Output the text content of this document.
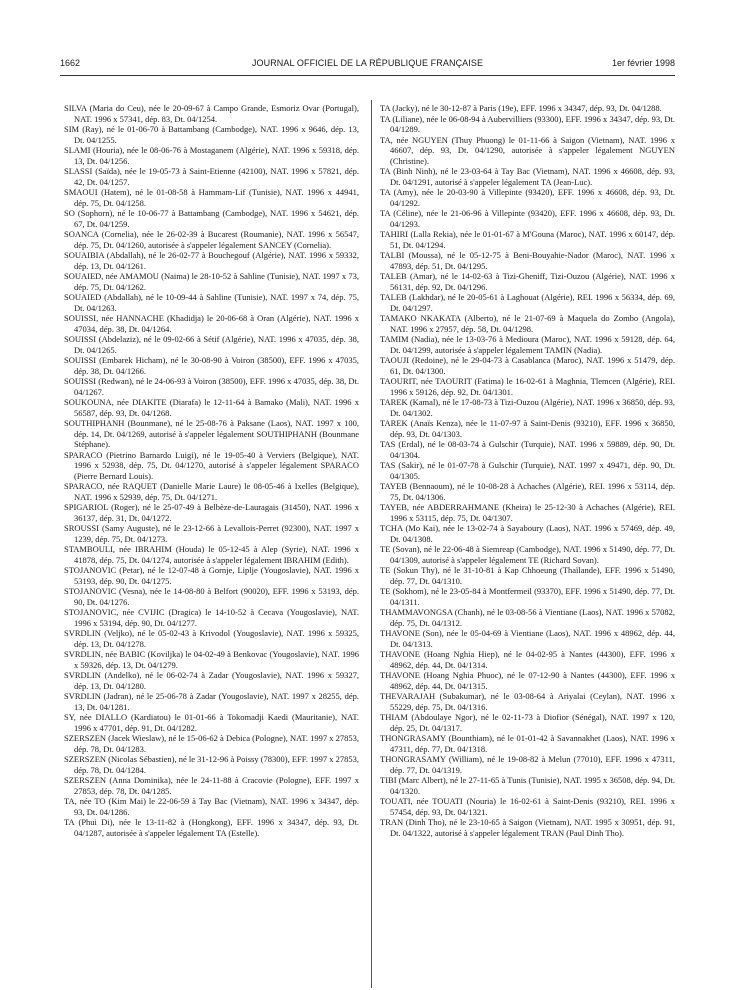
1662	JOURNAL OFFICIEL DE LA RÉPUBLIQUE FRANÇAISE	1er février 1998

SILVA (Maria do Ceu), née le 20-09-67 à Campo Grande, Esmoriz Ovar (Portugal), NAT. 1996 x 57341, dép. 83, Dt. 04/1254.

SIM (Ray), né le 01-06-70 à Battambang (Cambodge), NAT. 1996 x 9646, dép. 13, Dt. 04/1255.

SLAMI (Houria), née le 08-06-76 à Mostaganem (Algérie), NAT. 1996 x 59318, dép. 13, Dt. 04/1256.

SLASSI (Saïda), née le 19-05-73 à Saint-Etienne (42100), NAT. 1996 x 57821, dép. 42, Dt. 04/1257.

SMAOUI (Hatem), né le 01-08-58 à Hammam-Lif (Tunisie), NAT. 1996 x 44941, dép. 75, Dt. 04/1258.

SO (Sophorn), né le 10-06-77 à Battambang (Cambodge), NAT. 1996 x 54621, dép. 67, Dt. 04/1259.

SOANCA (Cornelia), née le 26-02-39 à Bucarest (Roumanie), NAT. 1996 x 56547, dép. 75, Dt. 04/1260, autorisée à s'appeler légalement SANCEY (Cornelia).

SOUAIBIA (Abdallah), né le 26-02-77 à Bouchegouf (Algérie), NAT. 1996 x 59332, dép. 13, Dt. 04/1261.

SOUAIED, née AMAMOU (Naima) le 28-10-52 à Sahline (Tunisie), NAT. 1997 x 73, dép. 75, Dt. 04/1262.

SOUAIED (Abdallah), né le 10-09-44 à Sahline (Tunisie), NAT. 1997 x 74, dép. 75, Dt. 04/1263.

SOUISSI, née HANNACHE (Khadidja) le 20-06-68 à Oran (Algérie), NAT. 1996 x 47034, dép. 38, Dt. 04/1264.

SOUISSI (Abdelaziz), né le 09-02-66 à Sétif (Algérie), NAT. 1996 x 47035, dép. 38, Dt. 04/1265.

SOUISSI (Embarek Hicham), né le 30-08-90 à Voiron (38500), EFF. 1996 x 47035, dép. 38, Dt. 04/1266.

SOUISSI (Redwan), né le 24-06-93 à Voiron (38500), EFF. 1996 x 47035, dép. 38, Dt. 04/1267.

SOUKOUNA, née DIAKITE (Diarafa) le 12-11-64 à Bamako (Mali), NAT. 1996 x 56587, dép. 93, Dt. 04/1268.

SOUTHIPHANH (Bounmane), né le 25-08-76 à Paksane (Laos), NAT. 1997 x 100, dép. 14, Dt. 04/1269, autorisé à s'appeler légalement SOUTHIPHANH (Bounmane Stéphane).

SPARACO (Pietrino Barnardo Luigi), né le 19-05-40 à Verviers (Belgique), NAT. 1996 x 52938, dép. 75, Dt. 04/1270, autorisé à s'appeler légalement SPARACO (Pierre Bernard Louis).

SPARACO, née RAQUET (Danielle Marie Laure) le 08-05-46 à Ixelles (Belgique), NAT. 1996 x 52939, dép. 75, Dt. 04/1271.

SPIGARIOL (Roger), né le 25-07-49 à Belbèze-de-Lauragais (31450), NAT. 1996 x 36137, dép. 31, Dt. 04/1272.

SROUSSI (Samy Auguste), né le 23-12-66 à Levallois-Perret (92300), NAT. 1997 x 1239, dép. 75, Dt. 04/1273.

STAMBOULI, née IBRAHIM (Houda) le 05-12-45 à Alep (Syrie), NAT. 1996 x 41878, dép. 75, Dt. 04/1274, autorisée à s'appeler légalement IBRAHIM (Edith).

STOJANOVIC (Petar), né le 12-07-48 à Gornje, Liplje (Yougoslavie), NAT. 1996 x 53193, dép. 90, Dt. 04/1275.

STOJANOVIC (Vesna), née le 14-08-80 à Belfort (90020), EFF. 1996 x 53193, dép. 90, Dt. 04/1276.

STOJANOVIC, née CVIJIC (Dragica) le 14-10-52 à Cecava (Yougoslavie), NAT. 1996 x 53194, dép. 90, Dt. 04/1277.

SVRDLIN (Veljko), né le 05-02-43 à Krivodol (Yougoslavie), NAT. 1996 x 59325, dép. 13, Dt. 04/1278.

SVRDLIN, née BABIC (Koviljka) le 04-02-49 à Benkovac (Yougoslavie), NAT. 1996 x 59326, dép. 13, Dt. 04/1279.

SVRDLIN (Andelko), né le 06-02-74 à Zadar (Yougoslavie), NAT. 1996 x 59327, dép. 13, Dt. 04/1280.

SVRDLIN (Jadran), né le 25-06-78 à Zadar (Yougoslavie), NAT. 1997 x 28255, dép. 13, Dt. 04/1281.

SY, née DIALLO (Kardiatou) le 01-01-66 à Tokomadji Kaedi (Mauritanie), NAT. 1996 x 47701, dép. 91, Dt. 04/1282.

SZERSZEN (Jacek Wieslaw), né le 15-06-62 à Debica (Pologne), NAT. 1997 x 27853, dép. 78, Dt. 04/1283.

SZERSZEN (Nicolas Sébastien), né le 31-12-96 à Poissy (78300), EFF. 1997 x 27853, dép. 78, Dt. 04/1284.

SZERSZEN (Anna Dominika), née le 24-11-88 à Cracovie (Pologne), EFF. 1997 x 27853, dép. 78, Dt. 04/1285.

TA, née TO (Kim Mai) le 22-06-59 à Tay Bac (Vietnam), NAT. 1996 x 34347, dép. 93, Dt. 04/1286.

TA (Phui Di), née le 13-11-82 à (Hongkong), EFF. 1996 x 34347, dép. 93, Dt. 04/1287, autorisée à s'appeler légalement TA (Estelle).

TA (Jacky), né le 30-12-87 à Paris (19e), EFF. 1996 x 34347, dép. 93, Dt. 04/1288.

TA (Liliane), née le 06-08-94 à Aubervilliers (93300), EFF. 1996 x 34347, dép. 93, Dt. 04/1289.

TA, née NGUYEN (Thuy Phuong) le 01-11-66 à Saigon (Vietnam), NAT. 1996 x 46607, dép. 93, Dt. 04/1290, autorisée à s'appeler légalement NGUYEN (Christine).

TA (Binh Ninh), né le 23-03-64 à Tay Bac (Vietnam), NAT. 1996 x 46608, dép. 93, Dt. 04/1291, autorisé à s'appeler légalement TA (Jean-Luc).

TA (Amy), née le 20-03-90 à Villepinte (93420), EFF. 1996 x 46608, dép. 93, Dt. 04/1292.

TA (Céline), née le 21-06-96 à Villepinte (93420), EFF. 1996 x 46608, dép. 93, Dt. 04/1293.

TAHIRI (Lalla Rekia), née le 01-01-67 à M'Gouna (Maroc), NAT. 1996 x 60147, dép. 51, Dt. 04/1294.

TALBI (Moussa), né le 05-12-75 à Beni-Bouyahie-Nador (Maroc), NAT. 1996 x 47893, dép. 51, Dt. 04/1295.

TALEB (Amar), né le 14-02-63 à Tizi-Gheniff, Tizi-Ouzou (Algérie), NAT. 1996 x 56131, dép. 92, Dt. 04/1296.

TALEB (Lakhdar), né le 20-05-61 à Laghouat (Algérie), REI. 1996 x 56334, dép. 69, Dt. 04/1297.

TAMAKO NKAKATA (Alberto), né le 21-07-69 à Maquela do Zombo (Angola), NAT. 1996 x 27957, dép. 58, Dt. 04/1298.

TAMIM (Nadia), née le 13-03-76 à Medioura (Maroc), NAT. 1996 x 59128, dép. 64, Dt. 04/1299, autorisée à s'appeler légalement TAMIN (Nadia).

TAOUJI (Redoine), né le 29-04-73 à Casablanca (Maroc), NAT. 1996 x 51479, dép. 61, Dt. 04/1300.

TAOURIT, née TAOURIT (Fatima) le 16-02-61 à Maghnia, Tlemcen (Algérie), REI. 1996 x 59126, dép. 92, Dt. 04/1301.

TAREK (Kamal), né le 17-08-73 à Tizi-Ouzou (Algérie), NAT. 1996 x 36850, dép. 93, Dt. 04/1302.

TAREK (Anaïs Kenza), née le 11-07-97 à Saint-Denis (93210), EFF. 1996 x 36850, dép. 93, Dt. 04/1303.

TAS (Erdal), né le 08-03-74 à Gulschir (Turquie), NAT. 1996 x 59889, dép. 90, Dt. 04/1304.

TAS (Sakir), né le 01-07-78 à Gulschir (Turquie), NAT. 1997 x 49471, dép. 90, Dt. 04/1305.

TAYEB (Bennaoum), né le 10-08-28 à Achaches (Algérie), REI. 1996 x 53114, dép. 75, Dt. 04/1306.

TAYEB, née ABDERRAHMANE (Kheira) le 25-12-30 à Achaches (Algérie), REI. 1996 x 53115, dép. 75, Dt. 04/1307.

TCHA (Mo Kai), née le 13-02-74 à Sayaboury (Laos), NAT. 1996 x 57469, dép. 49, Dt. 04/1308.

TE (Sovan), né le 22-06-48 à Siemreap (Cambodge), NAT. 1996 x 51490, dép. 77, Dt. 04/1309, autorisé à s'appeler légalement TE (Richard Sovan).

TE (Sokun Thy), né le 31-10-81 à Kap Chhoeung (Thaïlande), EFF. 1996 x 51490, dép. 77, Dt. 04/1310.

TE (Sokhom), né le 23-05-84 à Montfermeil (93370), EFF. 1996 x 51490, dép. 77, Dt. 04/1311.

THAMMAVONGSA (Chanh), né le 03-08-56 à Vientiane (Laos), NAT. 1996 x 57082, dép. 75, Dt. 04/1312.

THAVONE (Son), née le 05-04-69 à Vientiane (Laos), NAT. 1996 x 48962, dép. 44, Dt. 04/1313.

THAVONE (Hoang Nghia Hiep), né le 04-02-95 à Nantes (44300), EFF. 1996 x 48962, dép. 44, Dt. 04/1314.

THAVONE (Hoang Nghia Phuoc), né le 07-12-90 à Nantes (44300), EFF. 1996 x 48962, dép. 44, Dt. 04/1315.

THEVARAJAH (Subakumar), né le 03-08-64 à Ariyalai (Ceylan), NAT. 1996 x 55229, dép. 75, Dt. 04/1316.

THIAM (Abdoulaye Ngor), né le 02-11-73 à Diofior (Sénégal), NAT. 1997 x 120, dép. 25, Dt. 04/1317.

THONGRASAMY (Bounthiam), né le 01-01-42 à Savannakhet (Laos), NAT. 1996 x 47311, dép. 77, Dt. 04/1318.

THONGRASAMY (William), né le 19-08-82 à Melun (77010), EFF. 1996 x 47311, dép. 77, Dt. 04/1319.

TIBI (Marc Albert), né le 27-11-65 à Tunis (Tunisie), NAT. 1995 x 36508, dép. 94, Dt. 04/1320.

TOUATI, née TOUATI (Nouria) le 16-02-61 à Saint-Denis (93210), REI. 1996 x 57454, dép. 93, Dt. 04/1321.

TRAN (Dinh Tho), né le 23-10-65 à Saigon (Vietnam), NAT. 1995 x 30951, dép. 91, Dt. 04/1322, autorisé à s'appeler légalement TRAN (Paul Dinh Tho).
